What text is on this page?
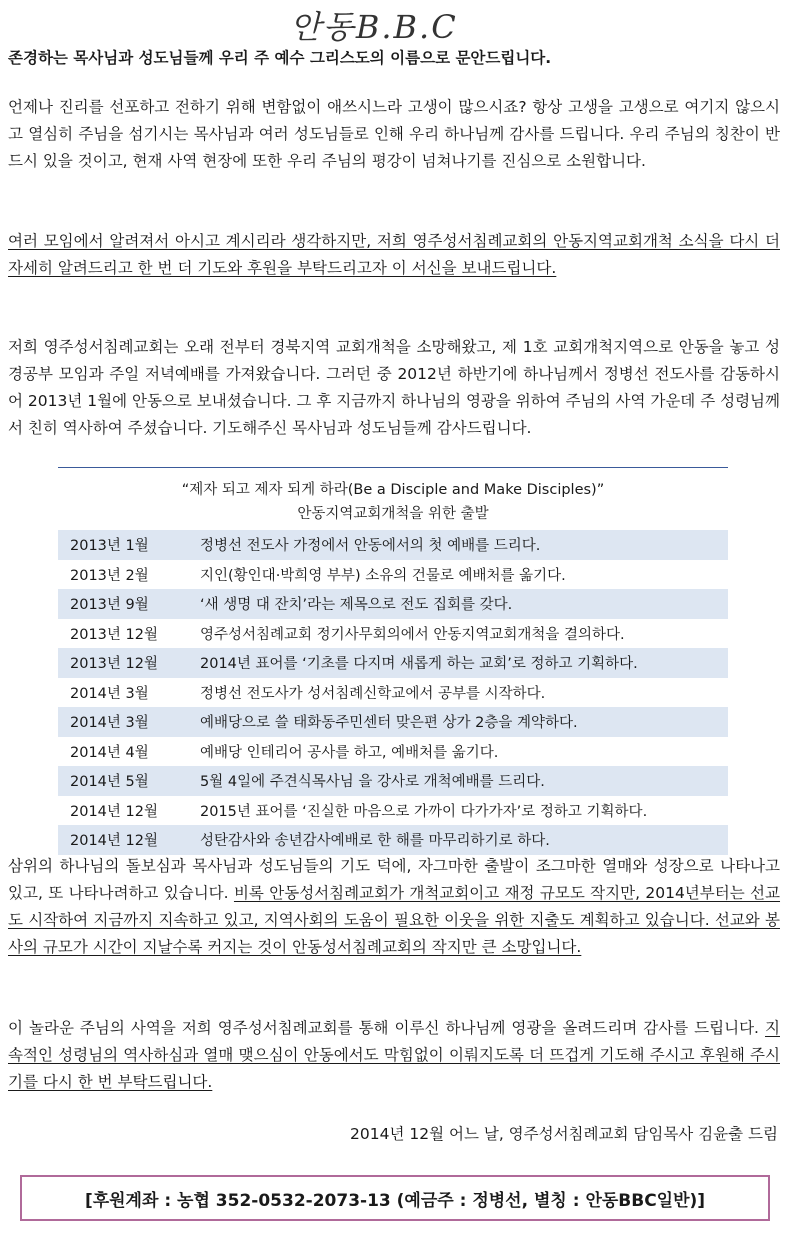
안동B.B.C
존경하는 목사님과 성도님들께 우리 주 예수 그리스도의 이름으로 문안드립니다.
언제나 진리를 선포하고 전하기 위해 변함없이 애쓰시느라 고생이 많으시죠? 항상 고생을 고생으로 여기지 않으시고 열심히 주님을 섬기시는 목사님과 여러 성도님들로 인해 우리 하나님께 감사를 드립니다. 우리 주님의 칭찬이 반드시 있을 것이고, 현재 사역 현장에 또한 우리 주님의 평강이 넘쳐나기를 진심으로 소원합니다.
여러 모임에서 알려져서 아시고 계시리라 생각하지만, 저희 영주성서침례교회의 안동지역교회개척 소식을 다시 더 자세히 알려드리고 한 번 더 기도와 후원을 부탁드리고자 이 서신을 보내드립니다.
저희 영주성서침례교회는 오래 전부터 경북지역 교회개척을 소망해왔고, 제 1호 교회개척지역으로 안동을 놓고 성경공부 모임과 주일 저녁예배를 가져왔습니다. 그러던 중 2012년 하반기에 하나님께서 정병선 전도사를 감동하시어 2013년 1월에 안동으로 보내셨습니다. 그 후 지금까지 하나님의 영광을 위하여 주님의 사역 가운데 주 성령님께서 친히 역사하여 주셨습니다. 기도해주신 목사님과 성도님들께 감사드립니다.
“제자 되고 제자 되게 하라(Be a Disciple and Make Disciples)”
안동지역교회개척을 위한 출발
2013년 1월	정병선 전도사 가정에서 안동에서의 첫 예배를 드리다.
2013년 2월	지인(황인대·박희영 부부) 소유의 건물로 예배처를 옮기다.
2013년 9월	‘새 생명 대 잔치’라는 제목으로 전도 집회를 갖다.
2013년 12월	영주성서침례교회 정기사무회의에서 안동지역교회개척을 결의하다.
2013년 12월	2014년 표어를 ‘기초를 다지며 새롭게 하는 교회’로 정하고 기획하다.
2014년 3월	정병선 전도사가 성서침례신학교에서 공부를 시작하다.
2014년 3월	예배당으로 쓸 태화동주민센터 맞은편 상가 2층을 계약하다.
2014년 4월	예배당 인테리어 공사를 하고, 예배처를 옮기다.
2014년 5월	5월 4일에 주견식목사님 을 강사로 개척예배를 드리다.
2014년 12월	2015년 표어를 ‘진실한 마음으로 가까이 다가가자’로 정하고 기획하다.
2014년 12월	성탄감사와 송년감사예배로 한 해를 마무리하기로 하다.
삼위의 하나님의 돌보심과 목사님과 성도님들의 기도 덕에, 자그마한 출발이 조그마한 열매와 성장으로 나타나고 있고, 또 나타나려하고 있습니다. 비록 안동성서침례교회가 개척교회이고 재정 규모도 작지만, 2014년부터는 선교도 시작하여 지금까지 지속하고 있고, 지역사회의 도움이 필요한 이웃을 위한 지출도 계획하고 있습니다. 선교와 봉사의 규모가 시간이 지날수록 커지는 것이 안동성서침례교회의 작지만 큰 소망입니다.
이 놀라운 주님의 사역을 저희 영주성서침례교회를 통해 이루신 하나님께 영광을 올려드리며 감사를 드립니다. 지속적인 성령님의 역사하심과 열매 맺으심이 안동에서도 막힘없이 이뤄지도록 더 뜨겁게 기도해 주시고 후원해 주시기를 다시 한 번 부탁드립니다.
2014년 12월 어느 날, 영주성서침례교회 담임목사 김윤출 드림
[후원계좌 : 농협 352-0532-2073-13 (예금주 : 정병선, 별칭 : 안동BBC일반)]
